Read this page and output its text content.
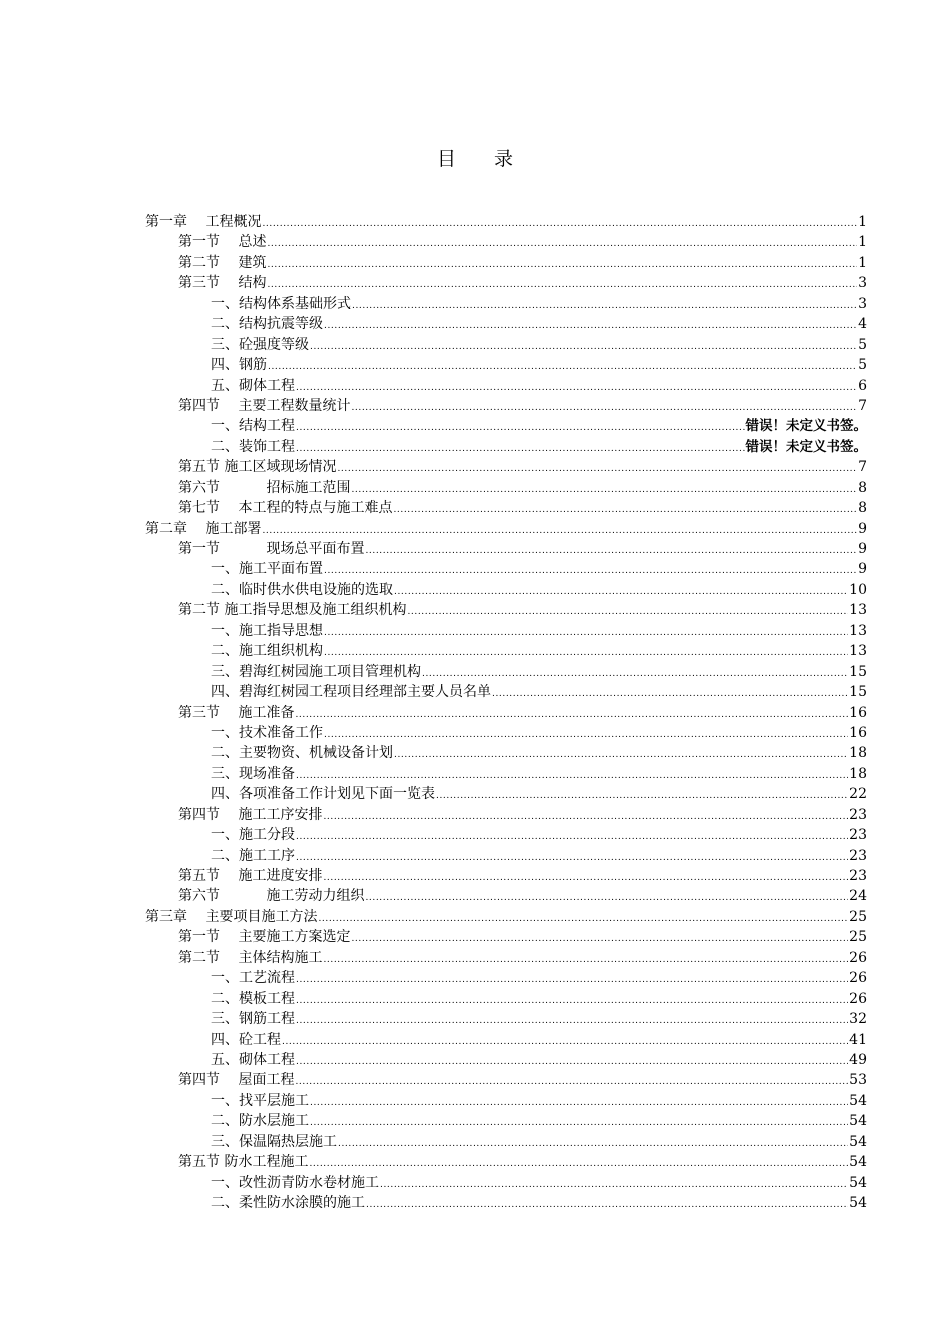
目　　录
第一章　 工程概况 .....	1
第一节　 总述 .....	1
第二节　 建筑 .....	1
第三节　 结构 .....	3
一、结构体系基础形式 .....	3
二、结构抗震等级 .....	4
三、砼强度等级 .....	5
四、钢筋 .....	5
五、砌体工程 .....	6
第四节　 主要工程数量统计 .....	7
一、结构工程 .....	错误！未定义书签。
二、装饰工程 .....	错误！未定义书签。
第五节 施工区域现场情况 .....	7
第六节　　　 招标施工范围 .....	8
第七节　 本工程的特点与施工难点 .....	8
第二章　 施工部署 .....	9
第一节　　　 现场总平面布置 .....	9
一、施工平面布置 .....	9
二、临时供水供电设施的选取 .....	10
第二节 施工指导思想及施工组织机构 .....	13
一、施工指导思想 .....	13
二、施工组织机构 .....	13
三、碧海红树园施工项目管理机构 .....	15
四、碧海红树园工程项目经理部主要人员名单 .....	15
第三节　 施工准备 .....	16
一、技术准备工作 .....	16
二、主要物资、机械设备计划 .....	18
三、现场准备 .....	18
四、各项准备工作计划见下面一览表 .....	22
第四节　 施工工序安排 .....	23
一、施工分段 .....	23
二、施工工序 .....	23
第五节　 施工进度安排 .....	23
第六节　　　 施工劳动力组织 .....	24
第三章　 主要项目施工方法 .....	25
第一节　 主要施工方案选定 .....	25
第二节　 主体结构施工 .....	26
一、工艺流程 .....	26
二、模板工程 .....	26
三、钢筋工程 .....	32
四、砼工程 .....	41
五、砌体工程 .....	49
第四节　 屋面工程 .....	53
一、找平层施工 .....	54
二、防水层施工 .....	54
三、保温隔热层施工 .....	54
第五节 防水工程施工 .....	54
一、改性沥青防水卷材施工 .....	54
二、柔性防水涂膜的施工 .....	54
